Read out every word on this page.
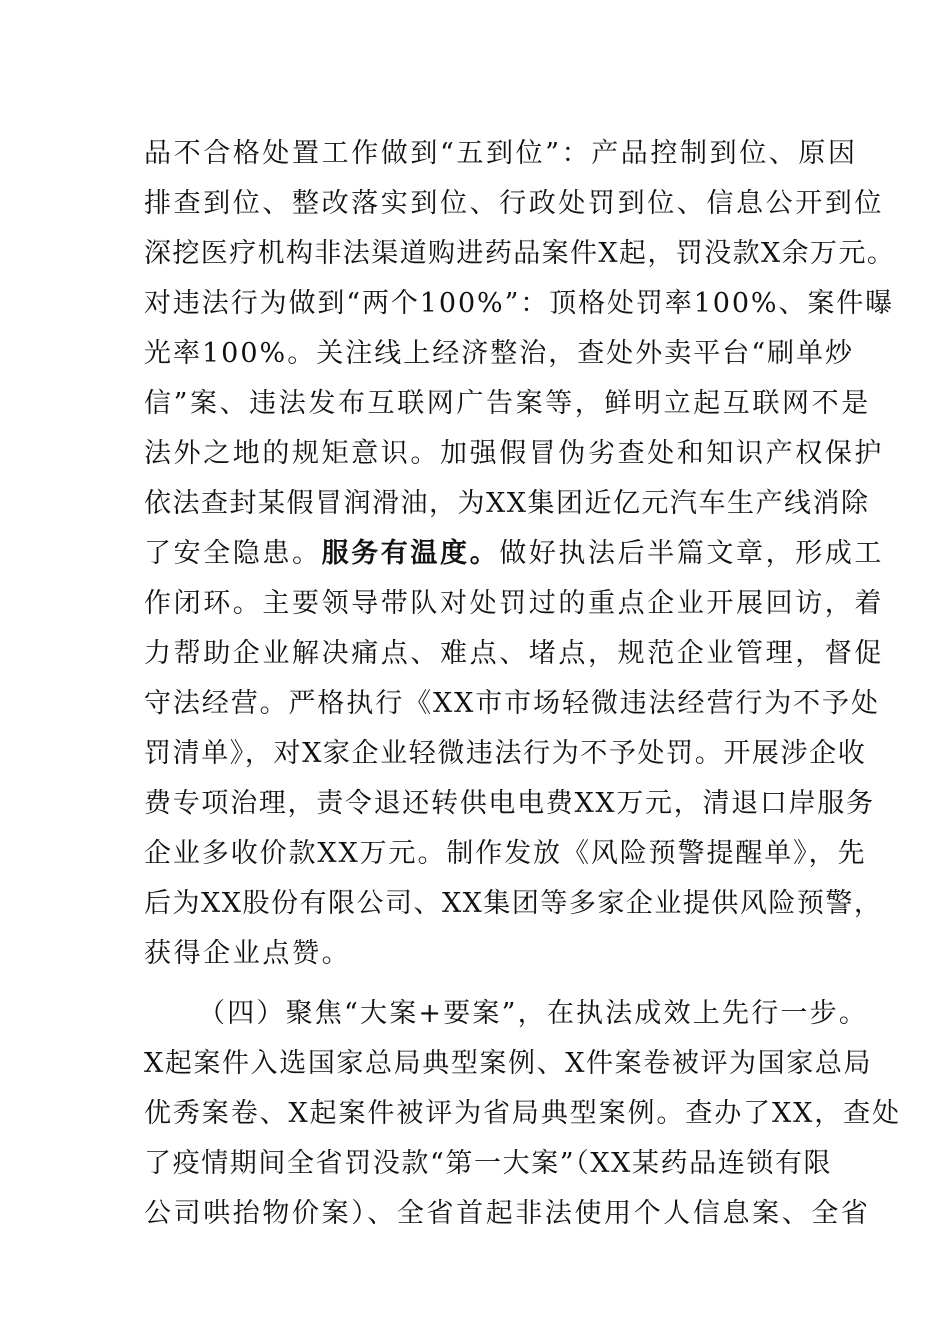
品不合格处置工作做到“五到位”：产品控制到位、原因
排查到位、整改落实到位、行政处罚到位、信息公开到位
深挖医疗机构非法渠道购进药品案件X起，罚没款X余万元。
对违法行为做到“两个100%”：顶格处罚率100%、案件曝
光率100%。关注线上经济整治，查处外卖平台“刷单炒
信”案、违法发布互联网广告案等，鲜明立起互联网不是
法外之地的规矩意识。加强假冒伪劣查处和知识产权保护
依法查封某假冒润滑油，为XX集团近亿元汽车生产线消除
了安全隐患。服务有温度。做好执法后半篇文章，形成工
作闭环。主要领导带队对处罚过的重点企业开展回访，着
力帮助企业解决痛点、难点、堵点，规范企业管理，督促
守法经营。严格执行《XX市市场轻微违法经营行为不予处
罚清单》，对X家企业轻微违法行为不予处罚。开展涉企收
费专项治理，责令退还转供电电费XX万元，清退口岸服务
企业多收价款XX万元。制作发放《风险预警提醒单》，先
后为XX股份有限公司、XX集团等多家企业提供风险预警，
获得企业点赞。
（四）聚焦“大案+要案”，在执法成效上先行一步。
X起案件入选国家总局典型案例、X件案卷被评为国家总局
优秀案卷、X起案件被评为省局典型案例。查办了XX，查处
了疫情期间全省罚没款“第一大案”（XX某药品连锁有限
公司哄抬物价案）、全省首起非法使用个人信息案、全省
